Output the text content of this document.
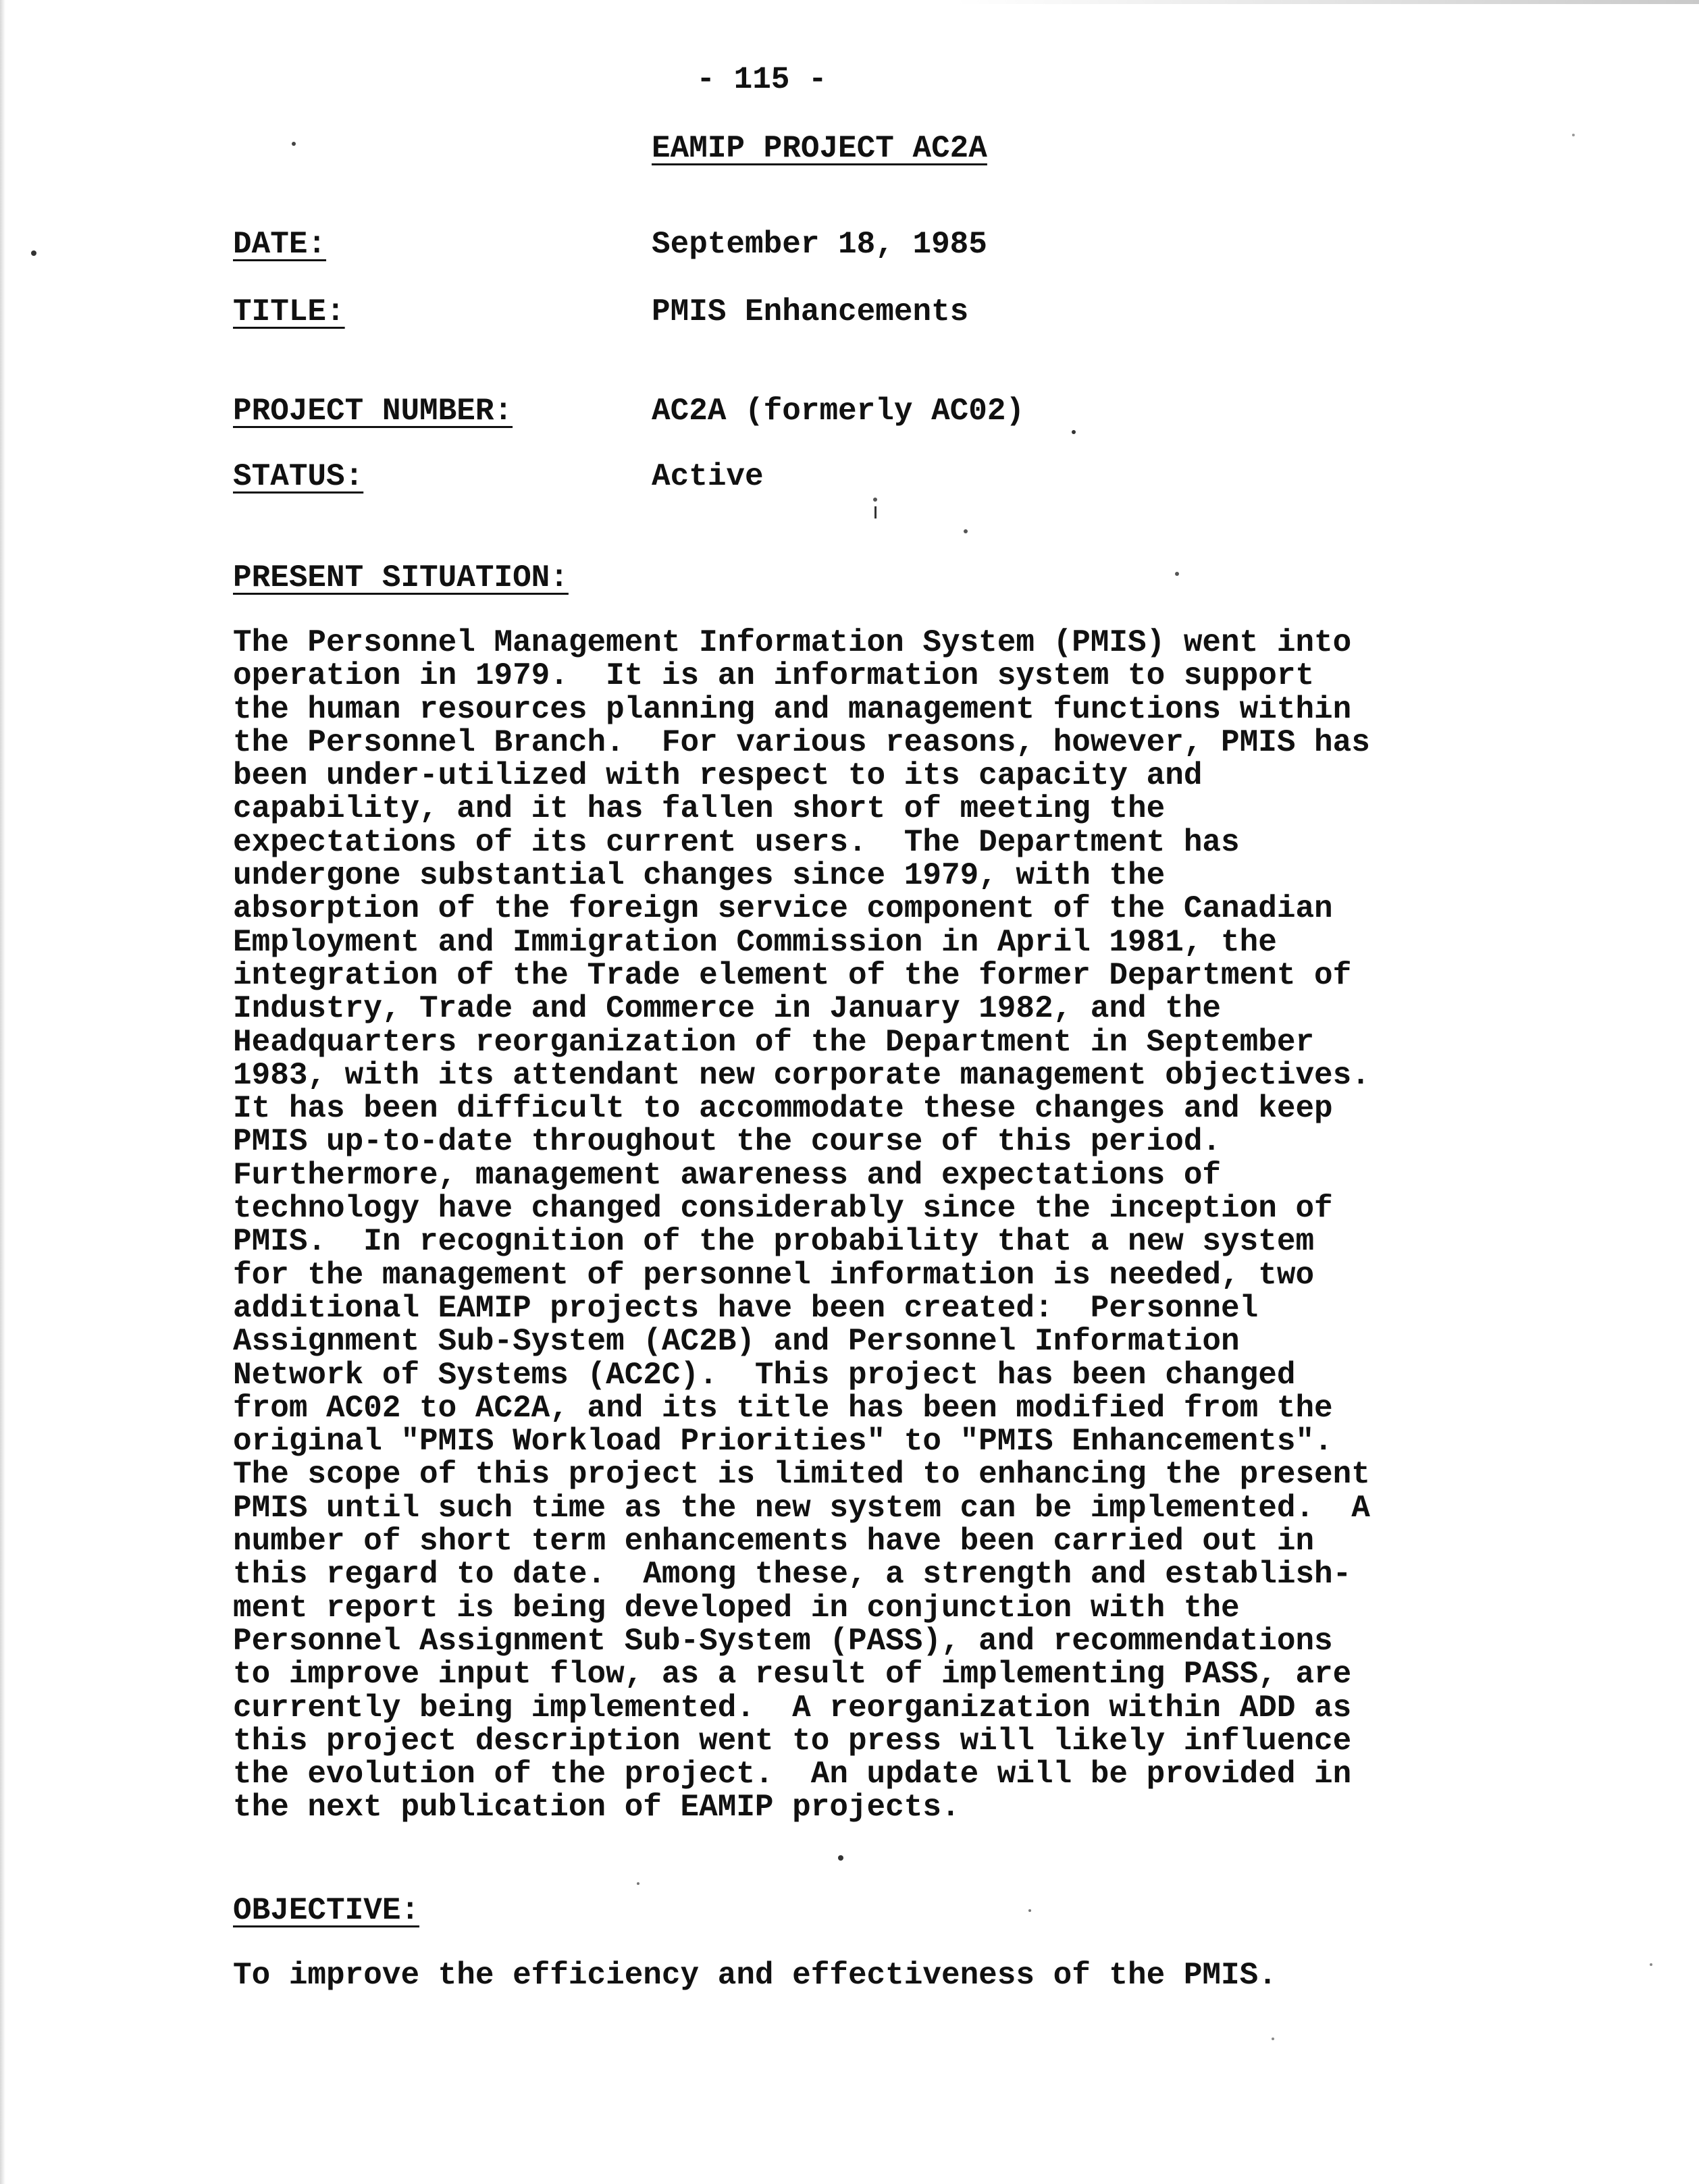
- 115 -
EAMIP PROJECT AC2A
DATE:	September 18, 1985
TITLE:	PMIS Enhancements
PROJECT NUMBER:	AC2A (formerly AC02)
STATUS:	Active
PRESENT SITUATION:
The Personnel Management Information System (PMIS) went into
operation in 1979.  It is an information system to support
the human resources planning and management functions within
the Personnel Branch.  For various reasons, however, PMIS has
been under-utilized with respect to its capacity and
capability, and it has fallen short of meeting the
expectations of its current users.  The Department has
undergone substantial changes since 1979, with the
absorption of the foreign service component of the Canadian
Employment and Immigration Commission in April 1981, the
integration of the Trade element of the former Department of
Industry, Trade and Commerce in January 1982, and the
Headquarters reorganization of the Department in September
1983, with its attendant new corporate management objectives.
It has been difficult to accommodate these changes and keep
PMIS up-to-date throughout the course of this period.
Furthermore, management awareness and expectations of
technology have changed considerably since the inception of
PMIS.  In recognition of the probability that a new system
for the management of personnel information is needed, two
additional EAMIP projects have been created:  Personnel
Assignment Sub-System (AC2B) and Personnel Information
Network of Systems (AC2C).  This project has been changed
from AC02 to AC2A, and its title has been modified from the
original "PMIS Workload Priorities" to "PMIS Enhancements".
The scope of this project is limited to enhancing the present
PMIS until such time as the new system can be implemented.  A
number of short term enhancements have been carried out in
this regard to date.  Among these, a strength and establish-
ment report is being developed in conjunction with the
Personnel Assignment Sub-System (PASS), and recommendations
to improve input flow, as a result of implementing PASS, are
currently being implemented.  A reorganization within ADD as
this project description went to press will likely influence
the evolution of the project.  An update will be provided in
the next publication of EAMIP projects.
OBJECTIVE:
To improve the efficiency and effectiveness of the PMIS.
